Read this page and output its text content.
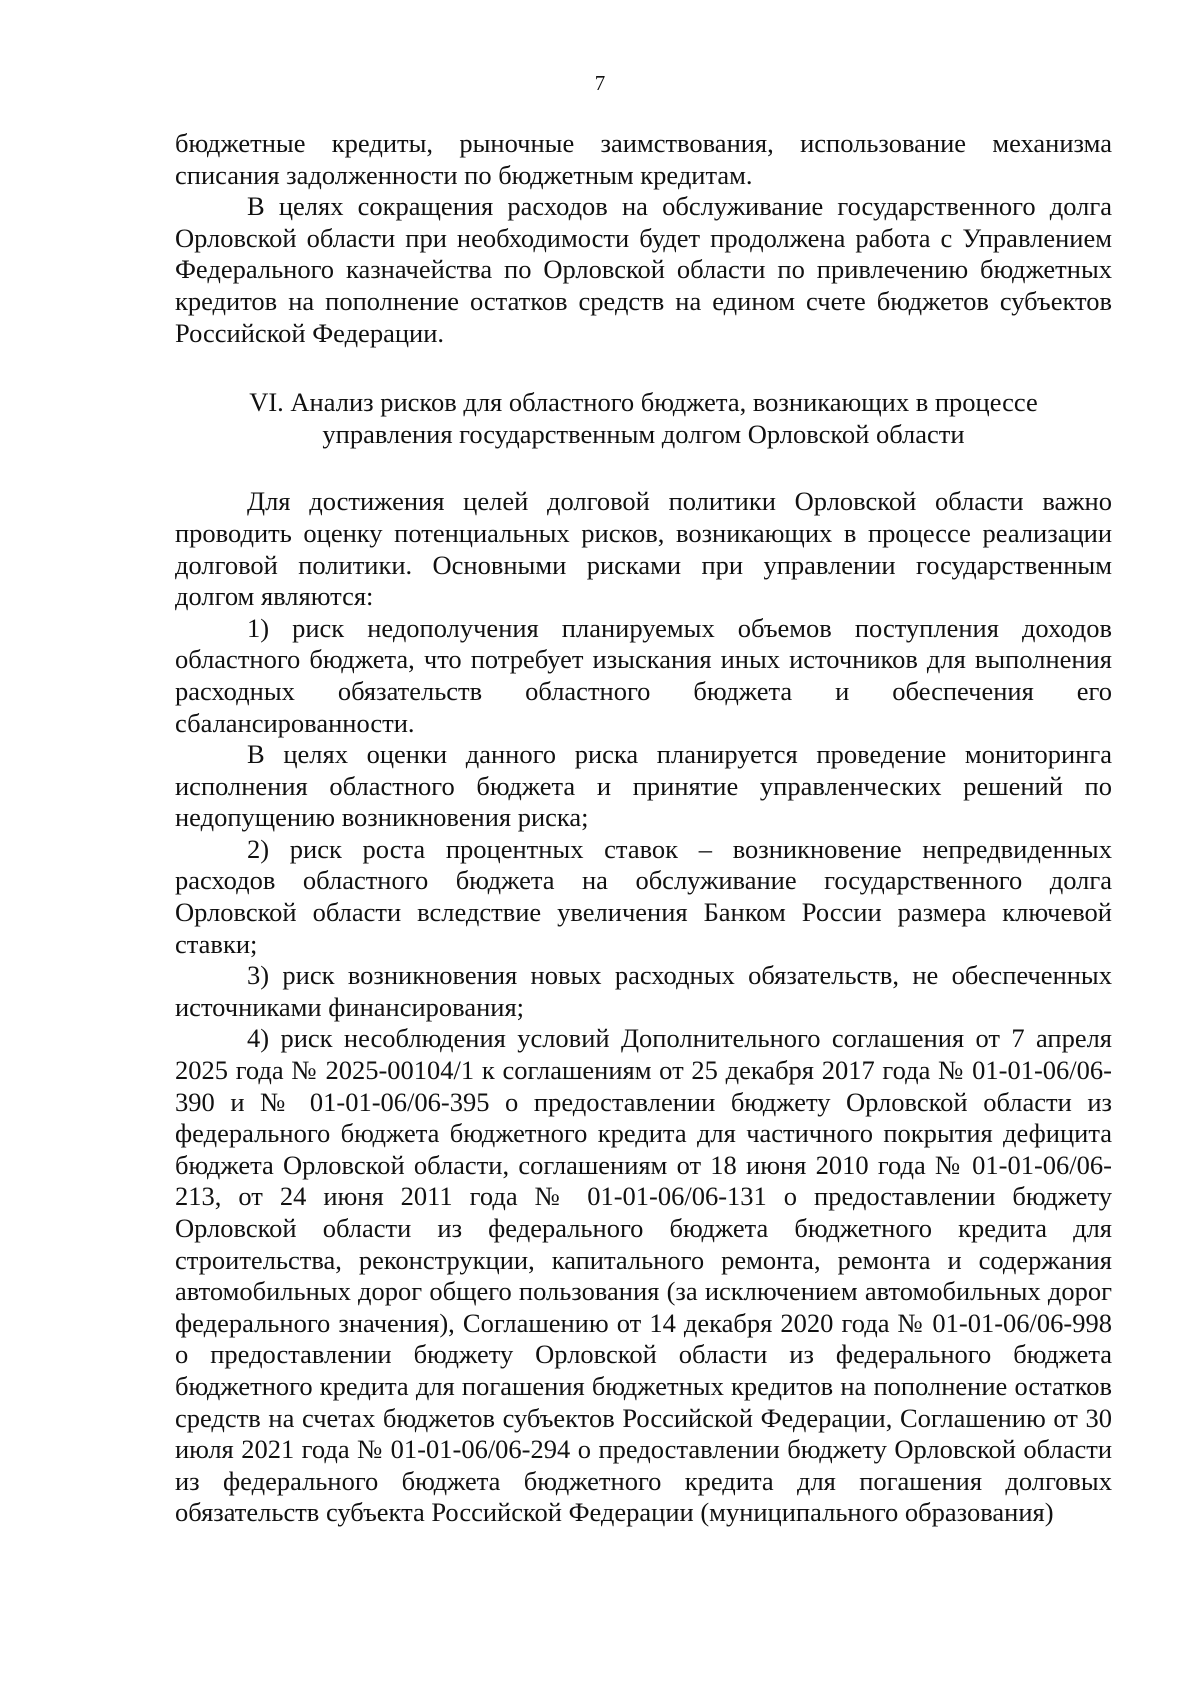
7

бюджетные кредиты, рыночные заимствования, использование механизма списания задолженности по бюджетным кредитам.

В целях сокращения расходов на обслуживание государственного долга Орловской области при необходимости будет продолжена работа с Управлением Федерального казначейства по Орловской области по привлечению бюджетных кредитов на пополнение остатков средств на едином счете бюджетов субъектов Российской Федерации.

VI. Анализ рисков для областного бюджета, возникающих в процессе
управления государственным долгом Орловской области

Для достижения целей долговой политики Орловской области важно проводить оценку потенциальных рисков, возникающих в процессе реализации долговой политики. Основными рисками при управлении государственным долгом являются:

1) риск недополучения планируемых объемов поступления доходов областного бюджета, что потребует изыскания иных источников для выполнения расходных обязательств областного бюджета и обеспечения его сбалансированности.

В целях оценки данного риска планируется проведение мониторинга исполнения областного бюджета и принятие управленческих решений по недопущению возникновения риска;

2) риск роста процентных ставок – возникновение непредвиденных расходов областного бюджета на обслуживание государственного долга Орловской области вследствие увеличения Банком России размера ключевой ставки;

3) риск возникновения новых расходных обязательств, не обеспеченных источниками финансирования;

4) риск несоблюдения условий Дополнительного соглашения от 7 апреля 2025 года № 2025-00104/1 к соглашениям от 25 декабря 2017 года № 01-01-06/06-390 и № 01-01-06/06-395 о предоставлении бюджету Орловской области из федерального бюджета бюджетного кредита для частичного покрытия дефицита бюджета Орловской области, соглашениям от 18 июня 2010 года № 01-01-06/06-213, от 24 июня 2011 года № 01-01-06/06-131 о предоставлении бюджету Орловской области из федерального бюджета бюджетного кредита для строительства, реконструкции, капитального ремонта, ремонта и содержания автомобильных дорог общего пользования (за исключением автомобильных дорог федерального значения), Соглашению от 14 декабря 2020 года № 01-01-06/06-998 о предоставлении бюджету Орловской области из федерального бюджета бюджетного кредита для погашения бюджетных кредитов на пополнение остатков средств на счетах бюджетов субъектов Российской Федерации, Соглашению от 30 июля 2021 года № 01-01-06/06-294 о предоставлении бюджету Орловской области из федерального бюджета бюджетного кредита для погашения долговых обязательств субъекта Российской Федерации (муниципального образования)
